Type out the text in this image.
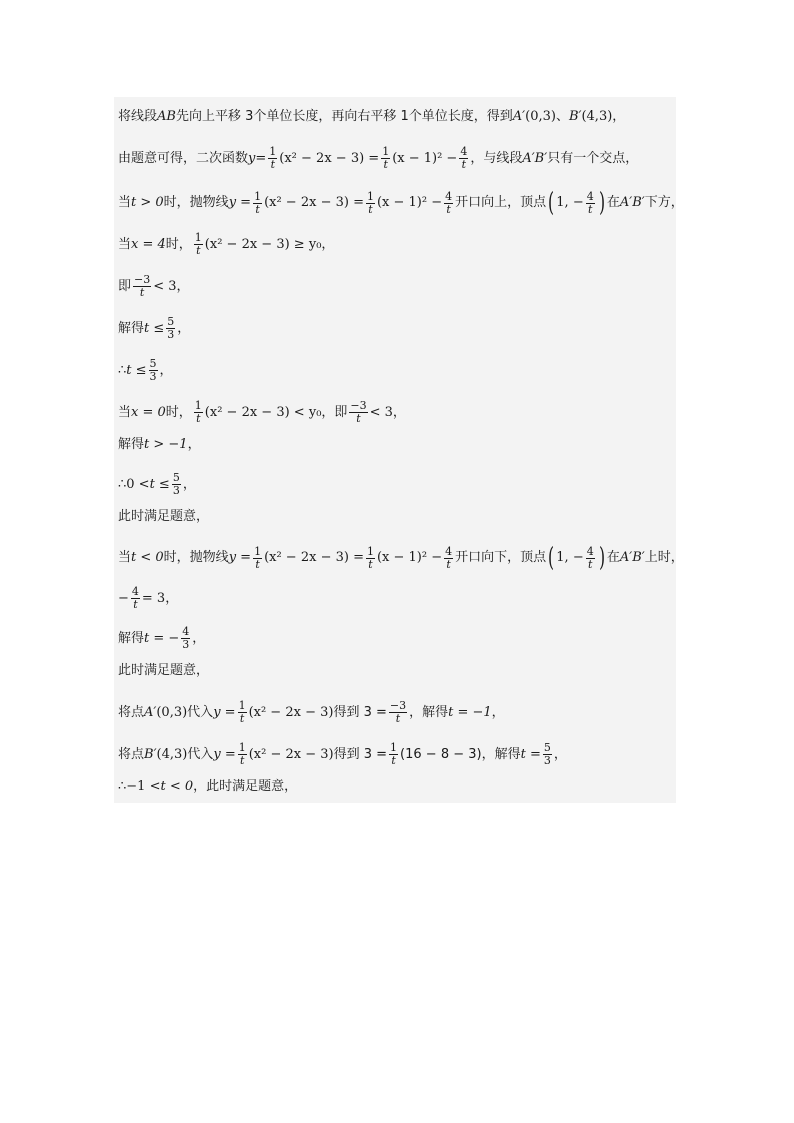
将线段 AB 先向上平移 3个单位长度，再向右平移 1个单位长度，得到 A′ (0,3)、 B′ (4,3)，
由题意可得，二次函数 $y = \frac{1}{t} (x^2 - 2x - 3) = \frac{1}{t} (x - 1)^2 - \frac{4}{t}$ ，与线段 A′B′ 只有一个交点，
当 t > 0 时，抛物线 $y = \frac{1}{t} (x^2 - 2x - 3) = \frac{1}{t} (x - 1)^2 - \frac{4}{t}$ 开口向上，顶点 ( 1, − $\frac{4}{t}$ ) 在 A′B′ 下方，
当 x = 4 时， $\frac{1}{t} (x^2 - 2x - 3) \ge y$ ₀，
即 $\frac{-3}{t} < 3$，
解得 $t \le \frac{5}{3}$ ，
∴ $t \le \frac{5}{3}$ ，
当 x = 0 时， $\frac{1}{t} (x^2 - 2x - 3) < y$ ₀，即 $\frac{-3}{t} < 3$，
解得 t > −1 ，
∴0 < $t \le \frac{5}{3}$ ，
此时满足题意，
当 t < 0 时，抛物线 $y = \frac{1}{t} (x^2 - 2x - 3) = \frac{1}{t} (x - 1)^2 - \frac{4}{t}$ 开口向下，顶点 ( 1, − $\frac{4}{t}$ ) 在 A′B′ 上时，
− $\frac{4}{t} = 3$，
解得 t = − $\frac{4}{3}$ ，
此时满足题意，
将点 A′ (0,3)代入 $y = \frac{1}{t} (x^2 - 2x - 3)$ 得到 $3 = \frac{-3}{t}$ ，解得 t = −1 ，
将点 B′ (4,3)代入 $y = \frac{1}{t} (x^2 - 2x - 3)$ 得到 $3 = \frac{1}{t} (16 - 8 - 3)$，解得 $t = \frac{5}{3}$ ，
∴−1 < t < 0 ，此时满足题意，
